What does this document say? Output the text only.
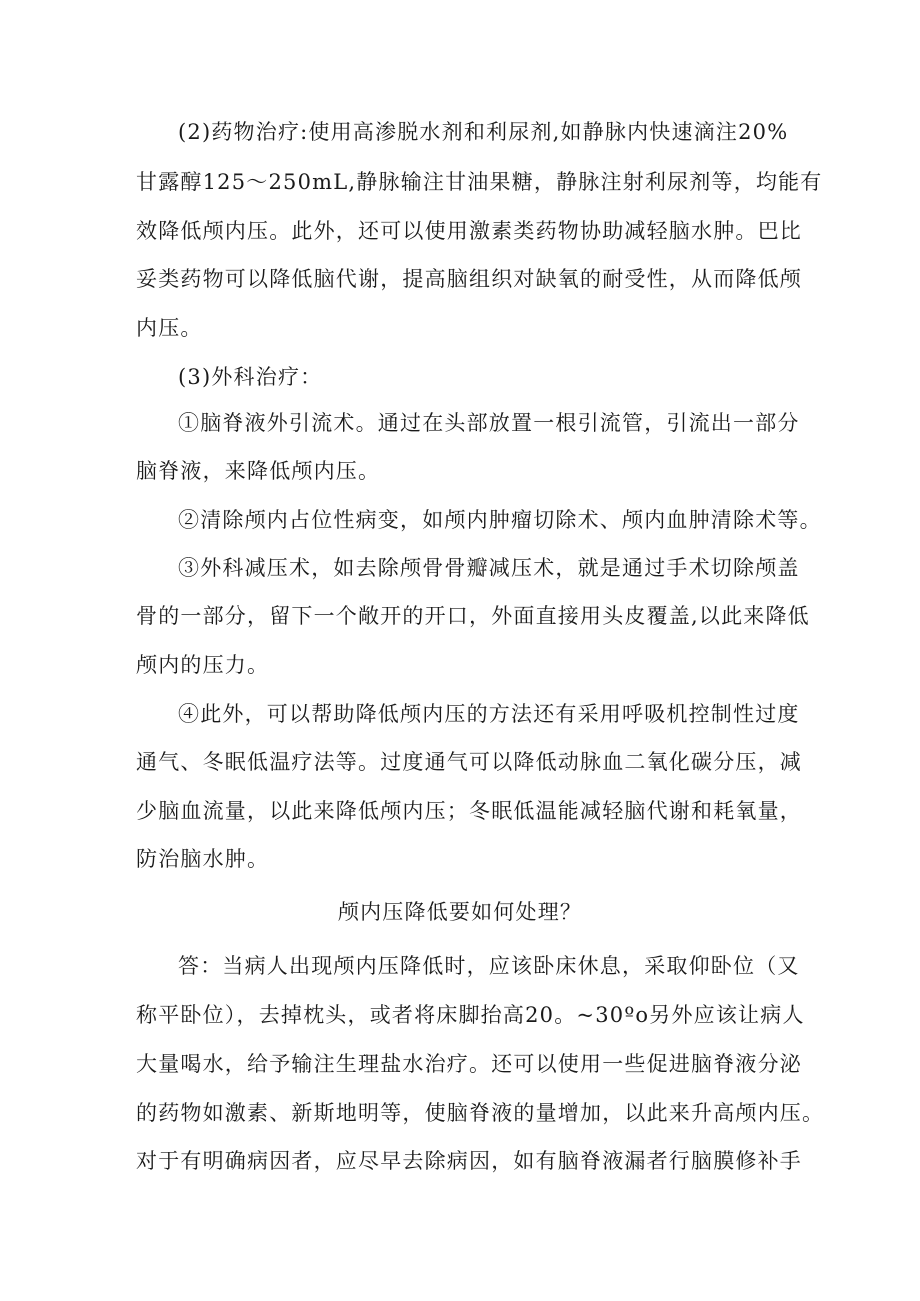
(2)药物治疗:使用高渗脱水剂和利尿剂,如静脉内快速滴注20%
甘露醇125～250mL,静脉输注甘油果糖，静脉注射利尿剂等，均能有
效降低颅内压。此外，还可以使用激素类药物协助减轻脑水肿。巴比
妥类药物可以降低脑代谢，提高脑组织对缺氧的耐受性，从而降低颅
内压。
(3)外科治疗：
①脑脊液外引流术。通过在头部放置一根引流管，引流出一部分
脑脊液，来降低颅内压。
②清除颅内占位性病变，如颅内肿瘤切除术、颅内血肿清除术等。
③外科减压术，如去除颅骨骨瓣减压术，就是通过手术切除颅盖
骨的一部分，留下一个敞开的开口，外面直接用头皮覆盖,以此来降低
颅内的压力。
④此外，可以帮助降低颅内压的方法还有采用呼吸机控制性过度
通气、冬眠低温疗法等。过度通气可以降低动脉血二氧化碳分压，减
少脑血流量，以此来降低颅内压；冬眠低温能减轻脑代谢和耗氧量，
防治脑水肿。
颅内压降低要如何处理？
答：当病人出现颅内压降低时，应该卧床休息，采取仰卧位（又
称平卧位），去掉枕头，或者将床脚抬高20。~30ºo另外应该让病人
大量喝水，给予输注生理盐水治疗。还可以使用一些促进脑脊液分泌
的药物如激素、新斯地明等，使脑脊液的量增加，以此来升高颅内压。
对于有明确病因者，应尽早去除病因，如有脑脊液漏者行脑膜修补手
